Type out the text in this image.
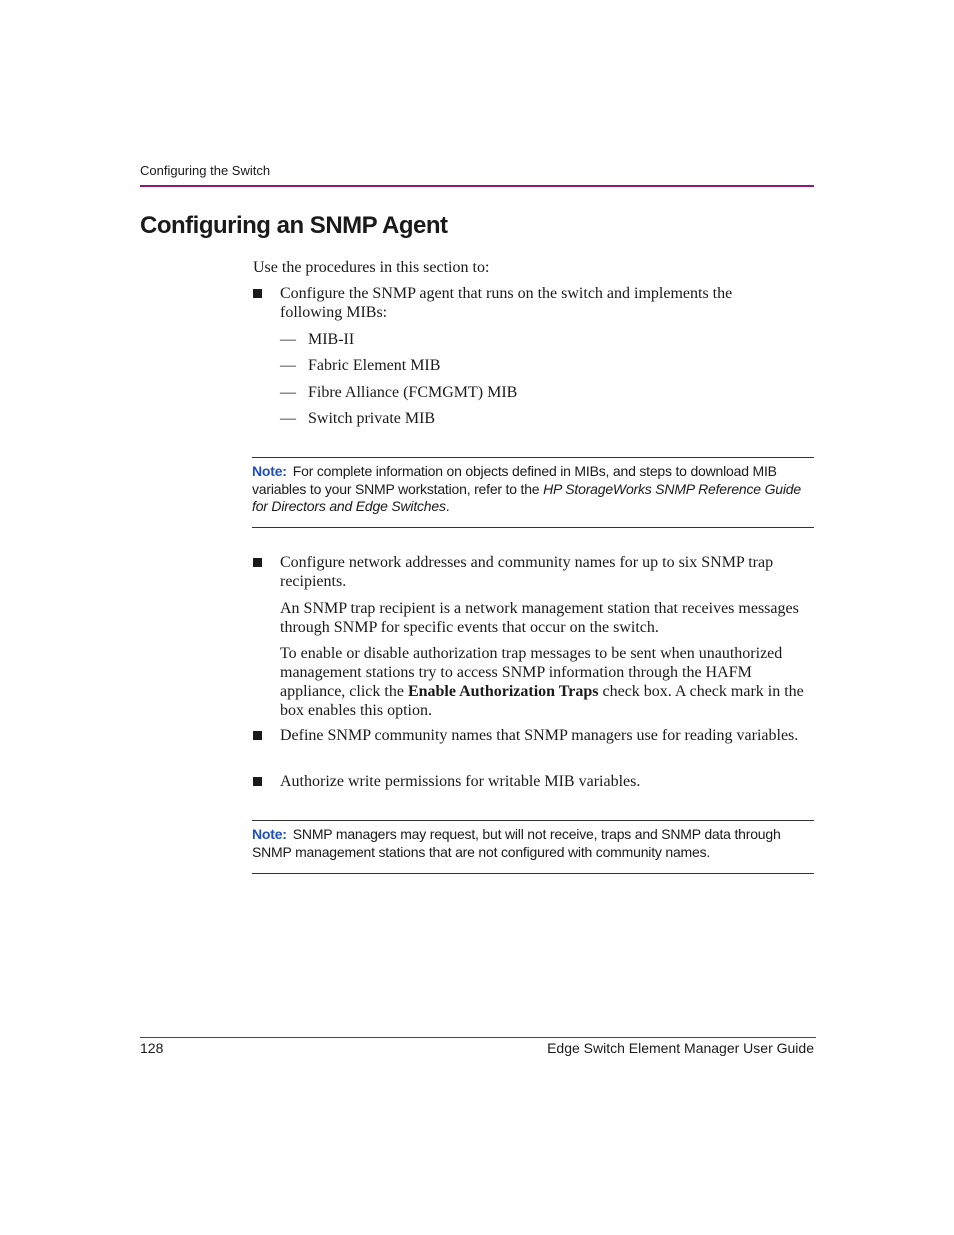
Configuring the Switch
Configuring an SNMP Agent
Use the procedures in this section to:
Configure the SNMP agent that runs on the switch and implements the
following MIBs:
— MIB-II
— Fabric Element MIB
— Fibre Alliance (FCMGMT) MIB
— Switch private MIB
Note: For complete information on objects defined in MIBs, and steps to download MIB variables to your SNMP workstation, refer to the HP StorageWorks SNMP Reference Guide for Directors and Edge Switches.
Configure network addresses and community names for up to six SNMP trap recipients.
An SNMP trap recipient is a network management station that receives messages through SNMP for specific events that occur on the switch.
To enable or disable authorization trap messages to be sent when unauthorized management stations try to access SNMP information through the HAFM appliance, click the Enable Authorization Traps check box. A check mark in the box enables this option.
Define SNMP community names that SNMP managers use for reading variables.
Authorize write permissions for writable MIB variables.
Note: SNMP managers may request, but will not receive, traps and SNMP data through SNMP management stations that are not configured with community names.
128	Edge Switch Element Manager User Guide
